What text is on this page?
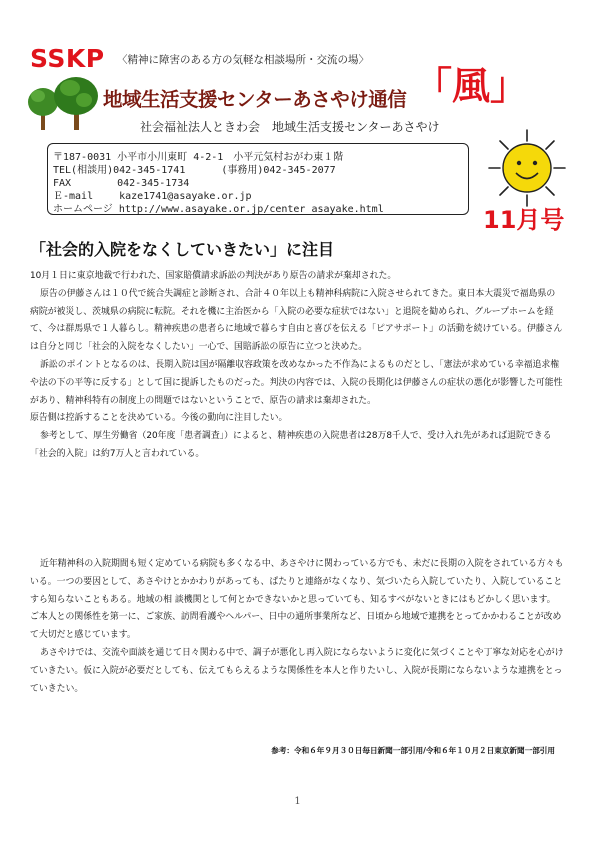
SSKP 〈精神に障害のある方の気軽な相談場所・交流の場〉
地域生活支援センターあさやけ通信 「風」
社会福祉法人ときわ会　地域生活支援センターあさやけ
〒187-0031 小平市小川東町 4-2-1　小平元気村おがわ東１階
TEL(相談用)042-345-1741　　　 (事務用)042-345-2077
FAX　　　　 042-345-1734
Ｅ-mail　　 kaze1741@asayake.or.jp
ホームページ http://www.asayake.or.jp/center_asayake.html	11月号
「社会的入院をなくしていきたい」に注目

10月１日に東京地裁で行われた、国家賠償請求訴訟の判決があり原告の請求が棄却された。

原告の伊藤さんは１０代で統合失調症と診断され、合計４０年以上も精神科病院に入院させられてきた。東日本大震災で福島県の病院が被災し、茨城県の病院に転院。それを機に主治医から「入院の必要な症状ではない」と退院を勧められ、グループホームを経て、今は群馬県で１人暮らし。精神疾患の患者らに地域で暮らす自由と喜びを伝える「ピアサポート」の活動を続けている。伊藤さんは自分と同じ「社会的入院をなくしたい」一心で、国賠訴訟の原告に立つと決めた。

訴訟のポイントとなるのは、長期入院は国が隔離収容政策を改めなかった不作為によるものだとし、「憲法が求めている幸福追求権や法の下の平等に反する」として国に提訴したものだった。判決の内容では、入院の長期化は伊藤さんの症状の悪化が影響した可能性があり、精神科特有の制度上の問題ではないということで、原告の請求は棄却された。

原告側は控訴することを決めている。今後の動向に注目したい。

参考として、厚生労働省（20年度「患者調査」）によると、精神疾患の入院患者は28万8千人で、受け入れ先があれば退院できる「社会的入院」は約7万人と言われている。

近年精神科の入院期間も短く定めている病院も多くなる中、あさやけに関わっている方でも、未だに長期の入院をされている方々もいる。一つの要因として、あさやけとかかわりがあっても、ぱたりと連絡がなくなり、気づいたら入院していたり、入院していることすら知らないこともある。地域の相 談機関として何とかできないかと思っていても、知るすべがないときにはもどかしく思います。ご本人との関係性を第一に、ご家族、訪問看護やヘルパー、日中の通所事業所など、日頃から地域で連携をとってかかわることが改めて大切だと感じています。

あさやけでは、交流や面談を通じて日々関わる中で、調子が悪化し再入院にならないように変化に気づくことや丁寧な対応を心がけていきたい。仮に入院が必要だとしても、伝えてもらえるような関係性を本人と作りたいし、入院が長期にならないような連携をとっていきたい。

参考：令和６年９月３０日毎日新聞一部引用/令和６年１０月２日東京新聞一部引用
1
